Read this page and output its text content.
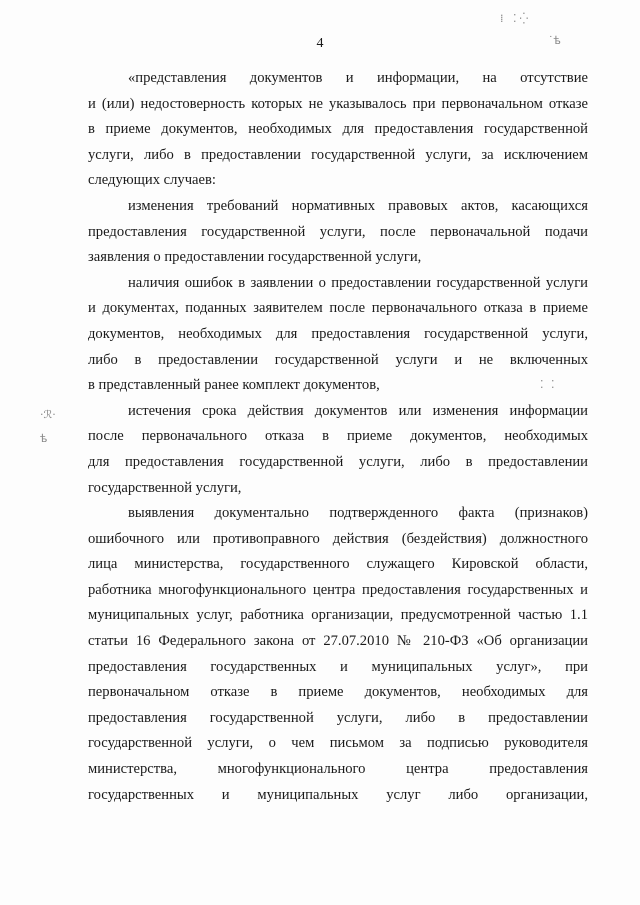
4
·ℛ·
ѣ
⁞ ⁚⁛
˙ѣ
⁚ ⁚
«представления документов и информации, на отсутствие
и (или) недостоверность которых не указывалось при первоначальном отказе
в приеме документов, необходимых для предоставления государственной
услуги, либо в предоставлении государственной услуги, за исключением
следующих случаев:
изменения требований нормативных правовых актов, касающихся
предоставления государственной услуги, после первоначальной подачи
заявления о предоставлении государственной услуги,
наличия ошибок в заявлении о предоставлении государственной услуги
и документах, поданных заявителем после первоначального отказа в приеме
документов, необходимых для предоставления государственной услуги,
либо в предоставлении государственной услуги и не включенных
в представленный ранее комплект документов,
истечения срока действия документов или изменения информации
после первоначального отказа в приеме документов, необходимых
для предоставления государственной услуги, либо в предоставлении
государственной услуги,
выявления документально подтвержденного факта (признаков)
ошибочного или противоправного действия (бездействия) должностного
лица министерства, государственного служащего Кировской области,
работника многофункционального центра предоставления государственных и
муниципальных услуг, работника организации, предусмотренной частью 1.1
статьи 16 Федерального закона от 27.07.2010 № 210-ФЗ «Об организации
предоставления государственных и муниципальных услуг», при
первоначальном отказе в приеме документов, необходимых для
предоставления государственной услуги, либо в предоставлении
государственной услуги, о чем письмом за подписью руководителя
министерства, многофункционального центра предоставления
государственных и муниципальных услуг либо организации,
